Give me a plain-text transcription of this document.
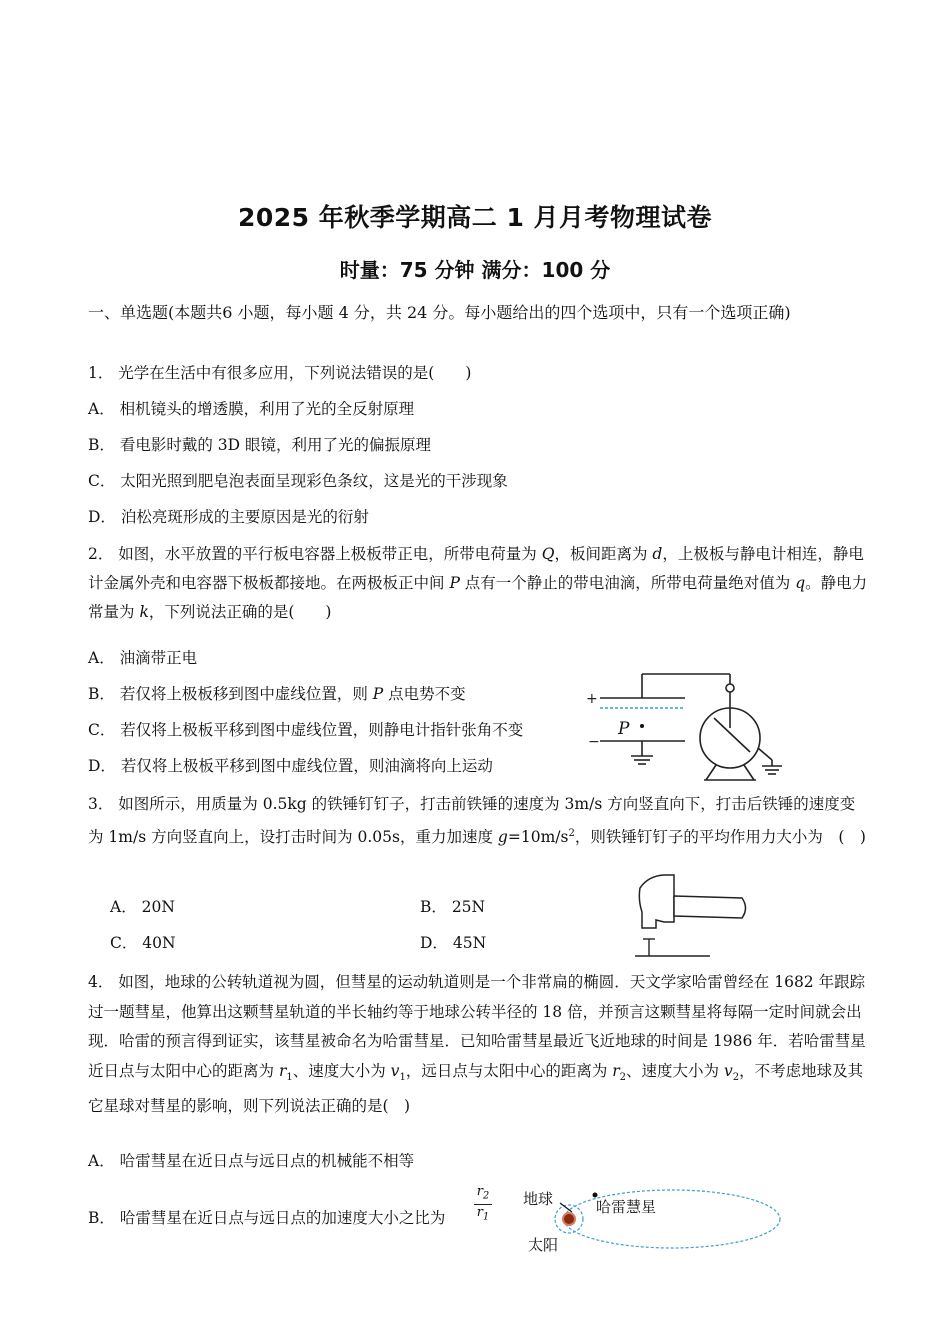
2025 年秋季学期高二 1 月月考物理试卷
时量：75 分钟 满分：100 分
一、单选题(本题共6 小题，每小题 4 分，共 24 分。每小题给出的四个选项中，只有一个选项正确)
1． 光学在生活中有很多应用，下列说法错误的是(　　)
A． 相机镜头的增透膜，利用了光的全反射原理
B． 看电影时戴的 3D 眼镜，利用了光的偏振原理
C． 太阳光照到肥皂泡表面呈现彩色条纹，这是光的干涉现象
D． 泊松亮斑形成的主要原因是光的衍射
2． 如图，水平放置的平行板电容器上极板带正电，所带电荷量为 Q，板间距离为 d，上极板与静电计相连，静电计金属外壳和电容器下极板都接地。在两极板正中间 P 点有一个静止的带电油滴，所带电荷量绝对值为 q。静电力常量为 k，下列说法正确的是(　　)
A． 油滴带正电
B． 若仅将上极板移到图中虚线位置，则 P 点电势不变
C． 若仅将上极板平移到图中虚线位置，则静电计指针张角不变
D． 若仅将上极板平移到图中虚线位置，则油滴将向上运动
+
−
P
3． 如图所示，用质量为 0.5kg 的铁锤钉钉子，打击前铁锤的速度为 3m/s 方向竖直向下，打击后铁锤的速度变为 1m/s 方向竖直向上，设打击时间为 0.05s，重力加速度 $g=10m/s^2$，则铁锤钉钉子的平均作用力大小为　(　)
A． 20N	B． 25N
C． 40N	D． 45N
4． 如图，地球的公转轨道视为圆，但彗星的运动轨道则是一个非常扁的椭圆．天文学家哈雷曾经在 1682 年跟踪过一题彗星，他算出这颗彗星轨道的半长轴约等于地球公转半径的 18 倍，并预言这颗彗星将每隔一定时间就会出现．哈雷的预言得到证实，该彗星被命名为哈雷彗星．已知哈雷彗星最近飞近地球的时间是 1986 年．若哈雷彗星近日点与太阳中心的距离为 $r_1$、速度大小为 $v_1$，远日点与太阳中心的距离为 $r_2$、速度大小为 $v_2$，不考虑地球及其它星球对彗星的影响，则下列说法正确的是(　)
A． 哈雷彗星在近日点与远日点的机械能不相等
B． 哈雷彗星在近日点与远日点的加速度大小之比为
$r_2$
$r_1$
地球	哈雷慧星
太阳
